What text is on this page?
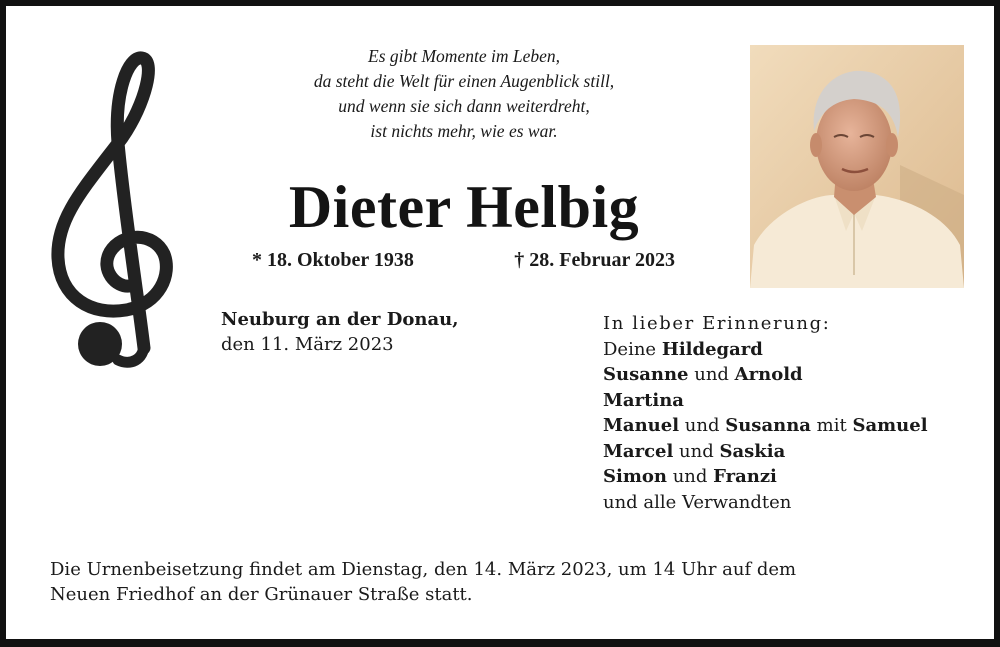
Es gibt Momente im Leben,
da steht die Welt für einen Augenblick still,
und wenn sie sich dann weiterdreht,
ist nichts mehr, wie es war.
Dieter Helbig
* 18. Oktober 1938	† 28. Februar 2023
Neuburg an der Donau,
den 11. März 2023
In lieber Erinnerung:
Deine Hildegard
Susanne und Arnold
Martina
Manuel und Susanna mit Samuel
Marcel und Saskia
Simon und Franzi
und alle Verwandten
Die Urnenbeisetzung findet am Dienstag, den 14. März 2023, um 14 Uhr auf dem
Neuen Friedhof an der Grünauer Straße statt.
